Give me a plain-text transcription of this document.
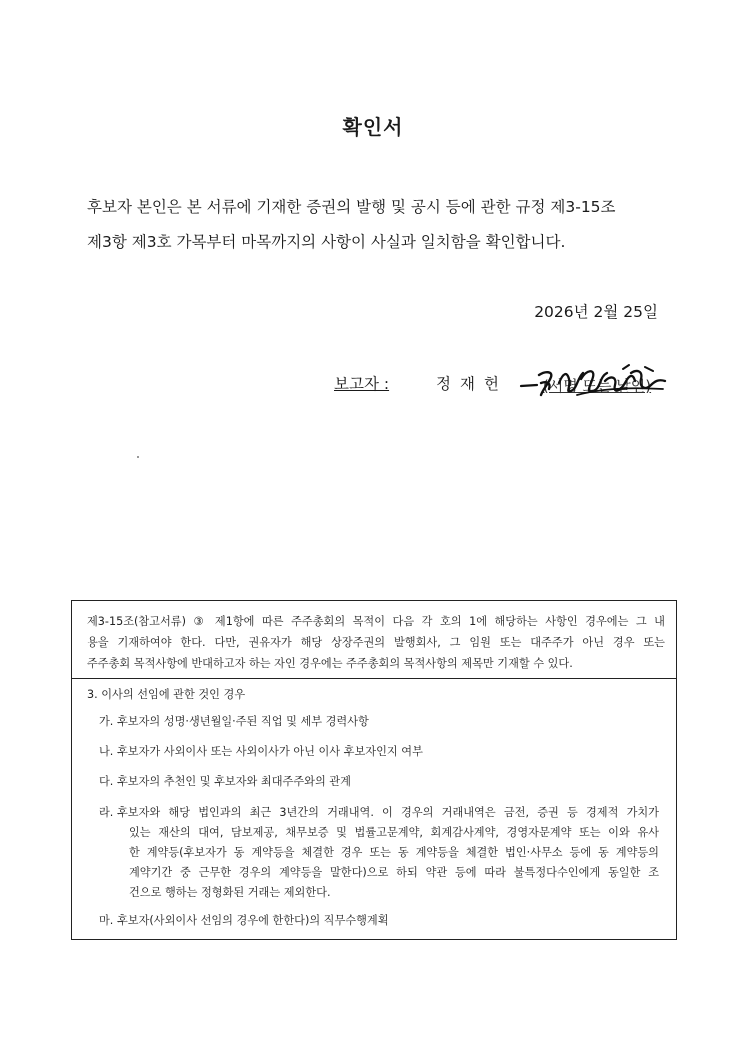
확인서
후보자 본인은 본 서류에 기재한 증권의 발행 및 공시 등에 관한 규정 제3-15조
제3항 제3호 가목부터 마목까지의 사항이 사실과 일치함을 확인합니다.
2026년 2월 25일
보고자 :	정재헌 (서명 또는 날인)
제3-15조(참고서류) ③ 제1항에 따른 주주총회의 목적이 다음 각 호의 1에 해당하는 사항인 경우에는 그 내
용을 기재하여야 한다. 다만, 권유자가 해당 상장주권의 발행회사, 그 임원 또는 대주주가 아닌 경우 또는
주주총회 목적사항에 반대하고자 하는 자인 경우에는 주주총회의 목적사항의 제목만 기재할 수 있다.
3. 이사의 선임에 관한 것인 경우
가. 후보자의 성명·생년월일·주된 직업 및 세부 경력사항
나. 후보자가 사외이사 또는 사외이사가 아닌 이사 후보자인지 여부
다. 후보자의 추천인 및 후보자와 최대주주와의 관계
라. 후보자와 해당 법인과의 최근 3년간의 거래내역. 이 경우의 거래내역은 금전, 증권 등 경제적 가치가
있는 재산의 대여, 담보제공, 채무보증 및 법률고문계약, 회계감사계약, 경영자문계약 또는 이와 유사
한 계약등(후보자가 동 계약등을 체결한 경우 또는 동 계약등을 체결한 법인·사무소 등에 동 계약등의
계약기간 중 근무한 경우의 계약등을 말한다)으로 하되 약관 등에 따라 불특정다수인에게 동일한 조
건으로 행하는 정형화된 거래는 제외한다.
마. 후보자(사외이사 선임의 경우에 한한다)의 직무수행계획
